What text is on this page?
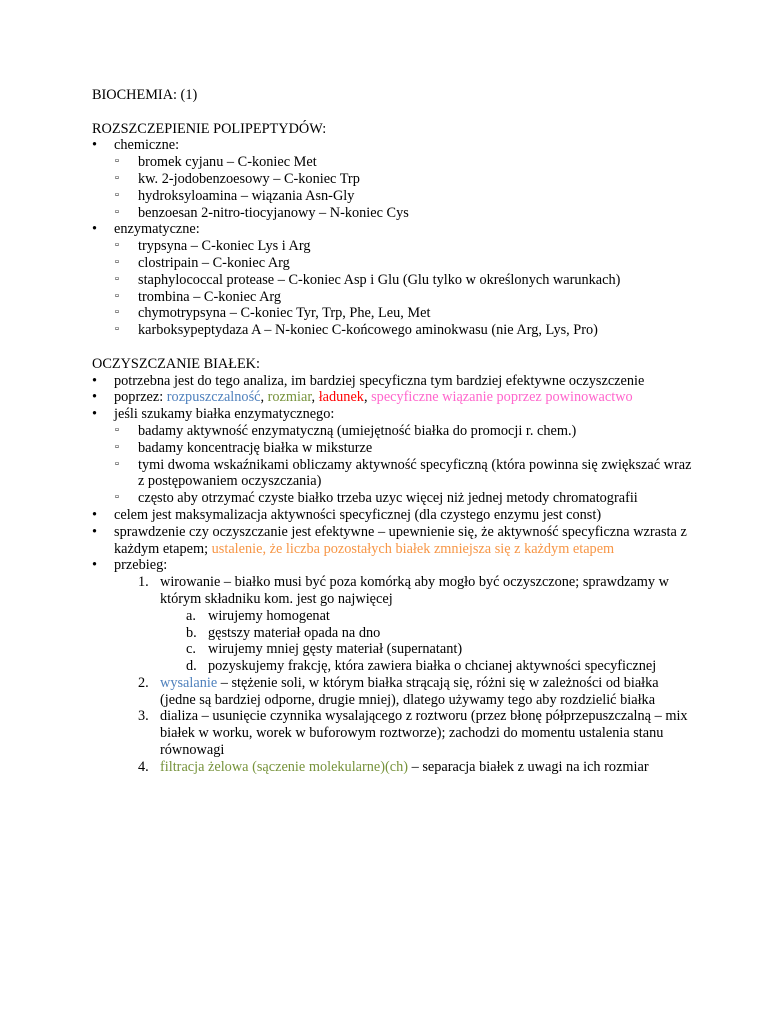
BIOCHEMIA: (1)
ROZSZCZEPIENIE POLIPEPTYDÓW:
• chemiczne:
▫ bromek cyjanu – C-koniec Met
▫ kw. 2-jodobenzoesowy – C-koniec Trp
▫ hydroksyloamina – wiązania Asn-Gly
▫ benzoesan 2-nitro-tiocyjanowy – N-koniec Cys
• enzymatyczne:
▫ trypsyna – C-koniec Lys i Arg
▫ clostripain – C-koniec Arg
▫ staphylococcal protease – C-koniec Asp i Glu (Glu tylko w określonych warunkach)
▫ trombina – C-koniec Arg
▫ chymotrypsyna – C-koniec Tyr, Trp, Phe, Leu, Met
▫ karboksypeptydaza A – N-koniec C-końcowego aminokwasu (nie Arg, Lys, Pro)
OCZYSZCZANIE BIAŁEK:
• potrzebna jest do tego analiza, im bardziej specyficzna tym bardziej efektywne oczyszczenie
• poprzez: rozpuszczalność, rozmiar, ładunek, specyficzne wiązanie poprzez powinowactwo
• jeśli szukamy białka enzymatycznego:
▫ badamy aktywność enzymatyczną (umiejętność białka do promocji r. chem.)
▫ badamy koncentrację białka w miksturze
▫ tymi dwoma wskaźnikami obliczamy aktywność specyficzną (która powinna się zwiększać wraz z postępowaniem oczyszczania)
▫ często aby otrzymać czyste białko trzeba uzyc więcej niż jednej metody chromatografii
• celem jest maksymalizacja aktywności specyficznej (dla czystego enzymu jest const)
• sprawdzenie czy oczyszczanie jest efektywne – upewnienie się, że aktywność specyficzna wzrasta z każdym etapem; ustalenie, że liczba pozostałych białek zmniejsza się z każdym etapem
• przebieg:
1. wirowanie – białko musi być poza komórką aby mogło być oczyszczone; sprawdzamy w którym składniku kom. jest go najwięcej
a. wirujemy homogenat
b. gęstszy materiał opada na dno
c. wirujemy mniej gęsty materiał (supernatant)
d. pozyskujemy frakcję, która zawiera białka o chcianej aktywności specyficznej
2. wysalanie – stężenie soli, w którym białka strącają się, różni się w zależności od białka (jedne są bardziej odporne, drugie mniej), dlatego używamy tego aby rozdzielić białka
3. dializa – usunięcie czynnika wysalającego z roztworu (przez błonę półprzepuszczalną – mix białek w worku, worek w buforowym roztworze); zachodzi do momentu ustalenia stanu równowagi
4. filtracja żelowa (sączenie molekularne)(ch) – separacja białek z uwagi na ich rozmiar
